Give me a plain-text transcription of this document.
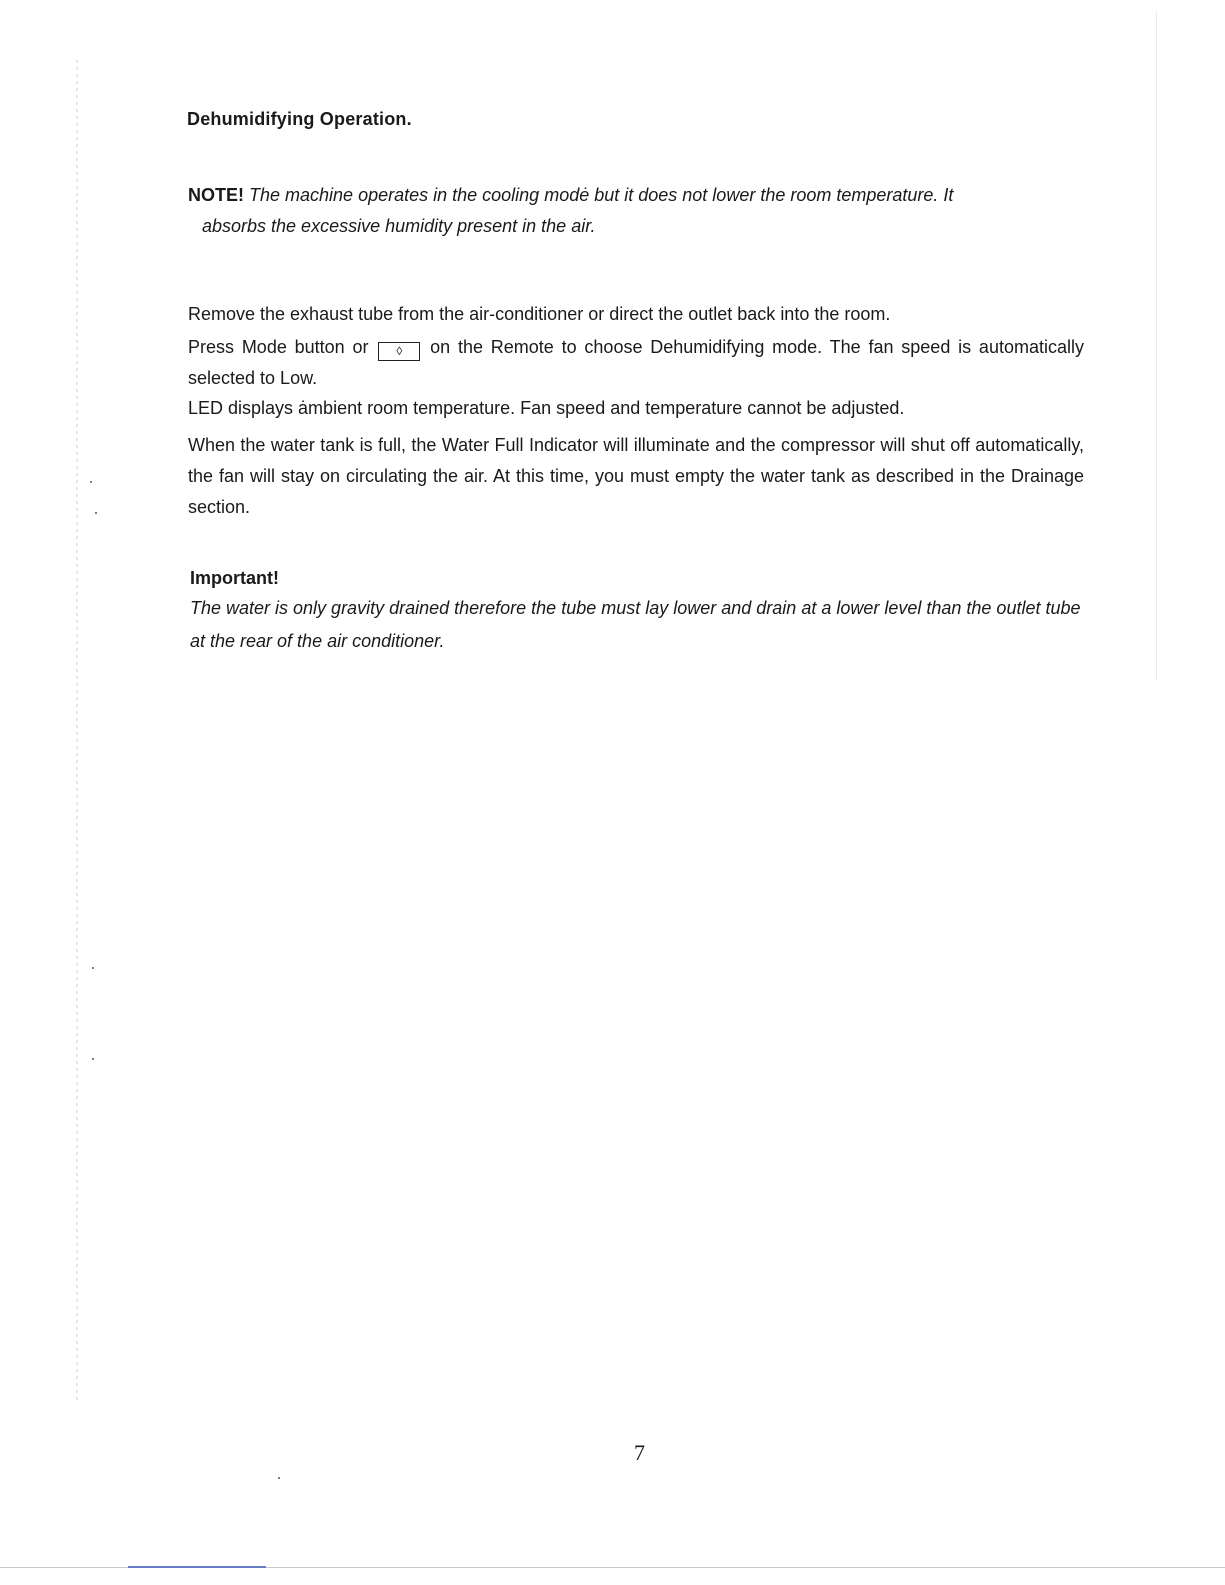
Dehumidifying Operation.
NOTE! The machine operates in the cooling modė but it does not lower the room temperature. It
absorbs the excessive humidity present in the air.
Remove the exhaust tube from the air-conditioner or direct the outlet back into the room.
Press Mode button or ◊ on the Remote to choose Dehumidifying mode. The fan speed is automatically selected to Low.
LED displays ȧmbient room temperature. Fan speed and temperature cannot be adjusted.
When the water tank is full, the Water Full Indicator will illuminate and the compressor will shut off automatically, the fan will stay on circulating the air. At this time, you must empty the water tank as described in the Drainage section.
Important!
The water is only gravity drained therefore the tube must lay lower and drain at a lower level than the outlet tube at the rear of the air conditioner.
7
